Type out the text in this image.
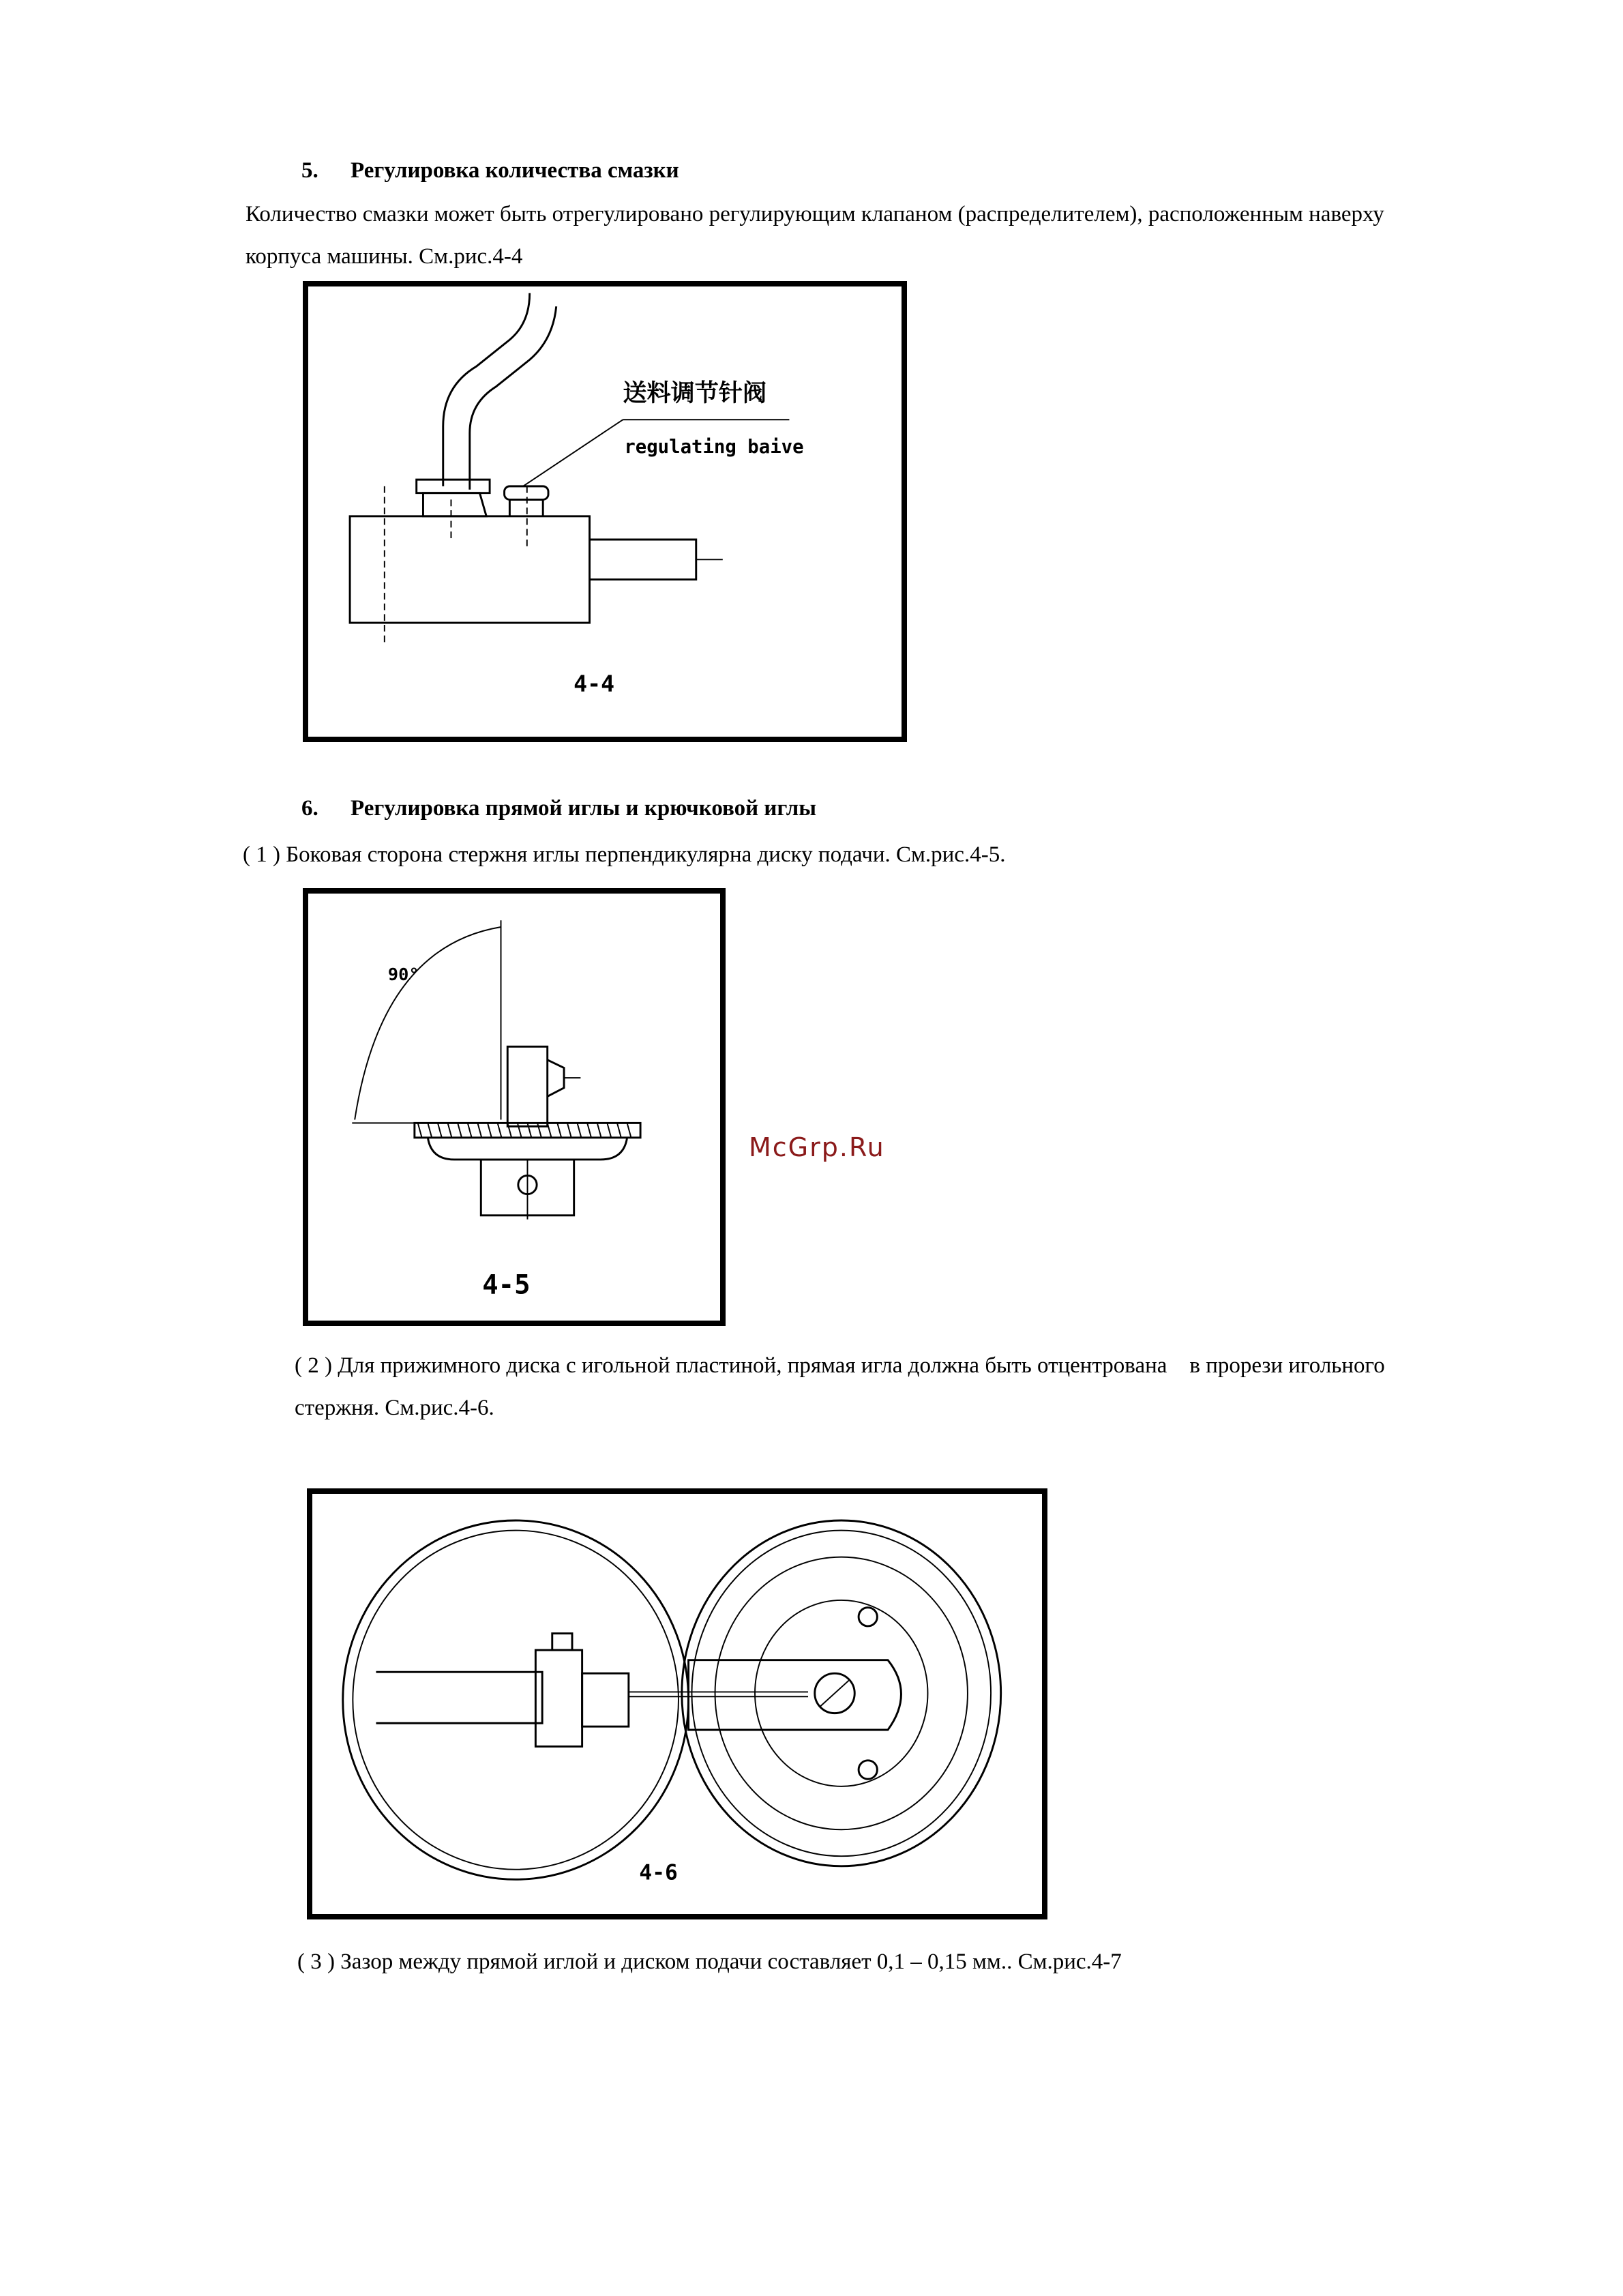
5. Регулировка количества смазки
Количество смазки может быть отрегулировано регулирующим клапаном (распределителем), расположенным наверху
корпуса машины. См.рис.4-4
送料调节针阀
regulating baive
4-4
6. Регулировка прямой иглы и крючковой иглы
( 1 ) Боковая сторона стержня иглы перпендикулярна диску подачи. См.рис.4-5.
90°
4-5
McGrp.Ru
( 2 ) Для прижимного диска с игольной пластиной, прямая игла должна быть отцентрована    в прорези игольного
стержня. См.рис.4-6.
4-6
( 3 ) Зазор между прямой иглой и диском подачи составляет 0,1 – 0,15 мм.. См.рис.4-7
